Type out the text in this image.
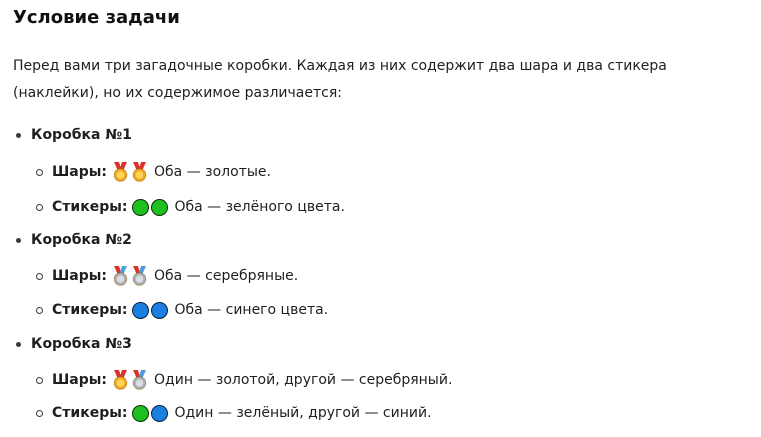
Условие задачи

Перед вами три загадочные коробки. Каждая из них содержит два шара и два стикера (наклейки), но их содержимое различается:

Коробка №1
Шары:	Оба — золотые.
Стикеры:	Оба — зелёного цвета.
Коробка №2
Шары:	Оба — серебряные.
Стикеры:	Оба — синего цвета.
Коробка №3
Шары:	Один — золотой, другой — серебряный.
Стикеры:	Один — зелёный, другой — синий.
